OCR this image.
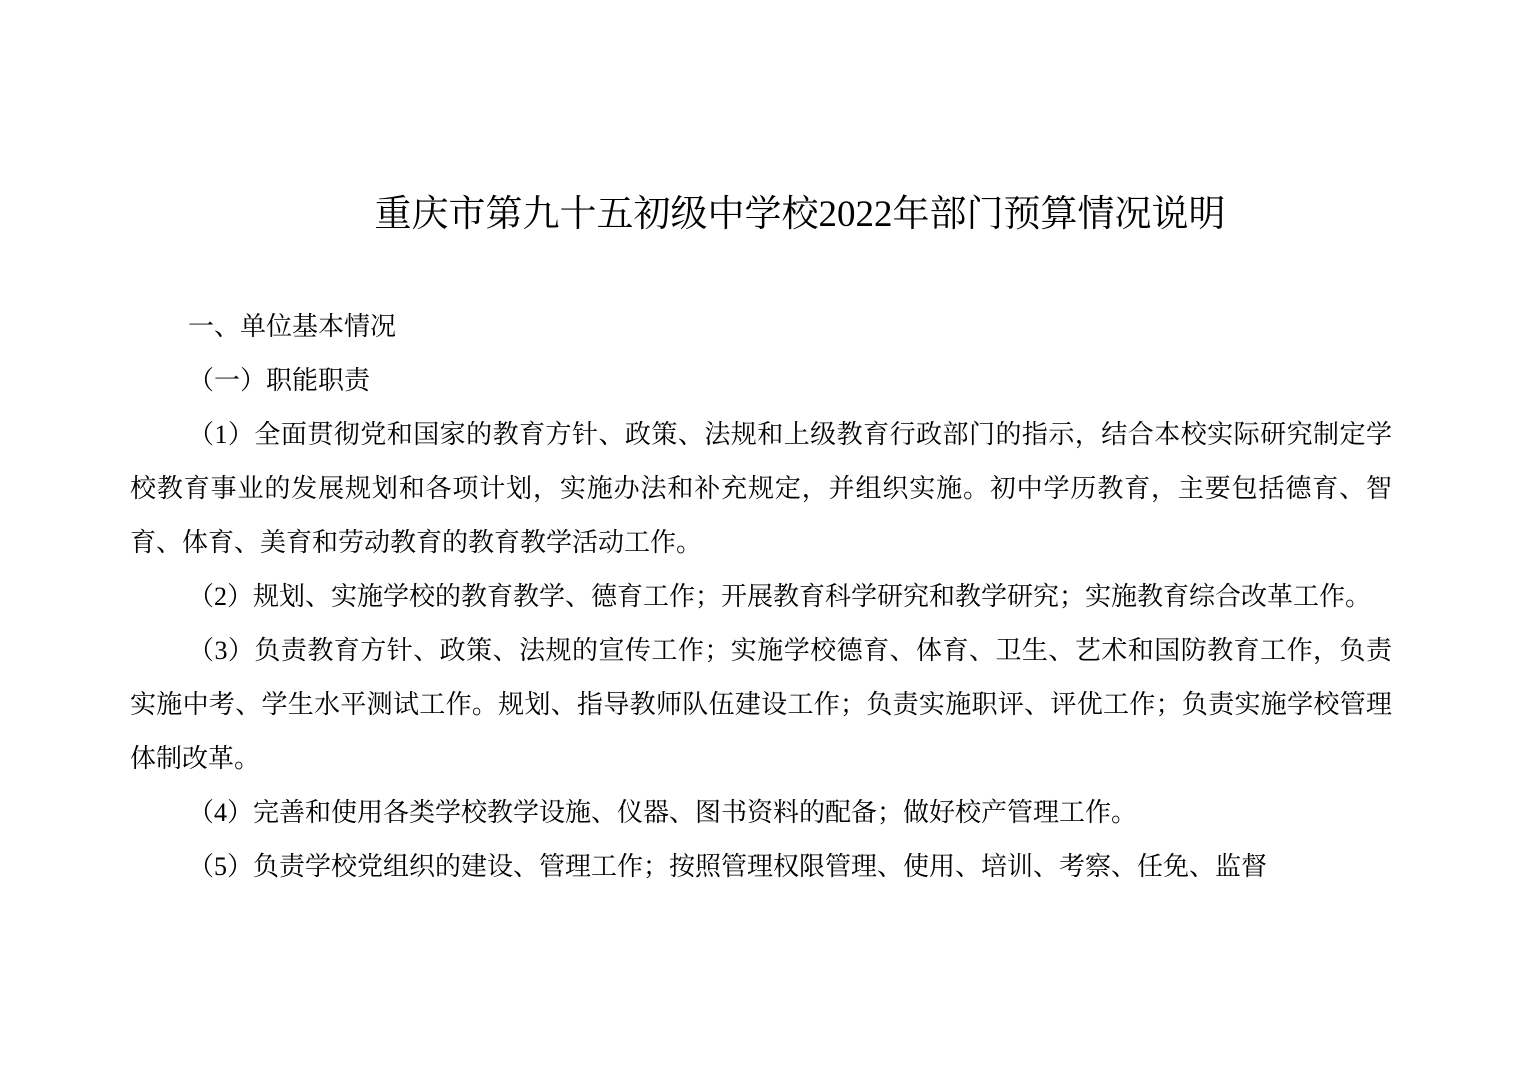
重庆市第九十五初级中学校2022年部门预算情况说明

一、单位基本情况

（一）职能职责

（1）全面贯彻党和国家的教育方针、政策、法规和上级教育行政部门的指示，结合本校实际研究制定学校教育事业的发展规划和各项计划，实施办法和补充规定，并组织实施。初中学历教育，主要包括德育、智育、体育、美育和劳动教育的教育教学活动工作。

（2）规划、实施学校的教育教学、德育工作；开展教育科学研究和教学研究；实施教育综合改革工作。

（3）负责教育方针、政策、法规的宣传工作；实施学校德育、体育、卫生、艺术和国防教育工作，负责实施中考、学生水平测试工作。规划、指导教师队伍建设工作；负责实施职评、评优工作；负责实施学校管理体制改革。

（4）完善和使用各类学校教学设施、仪器、图书资料的配备；做好校产管理工作。

（5）负责学校党组织的建设、管理工作；按照管理权限管理、使用、培训、考察、任免、监督
